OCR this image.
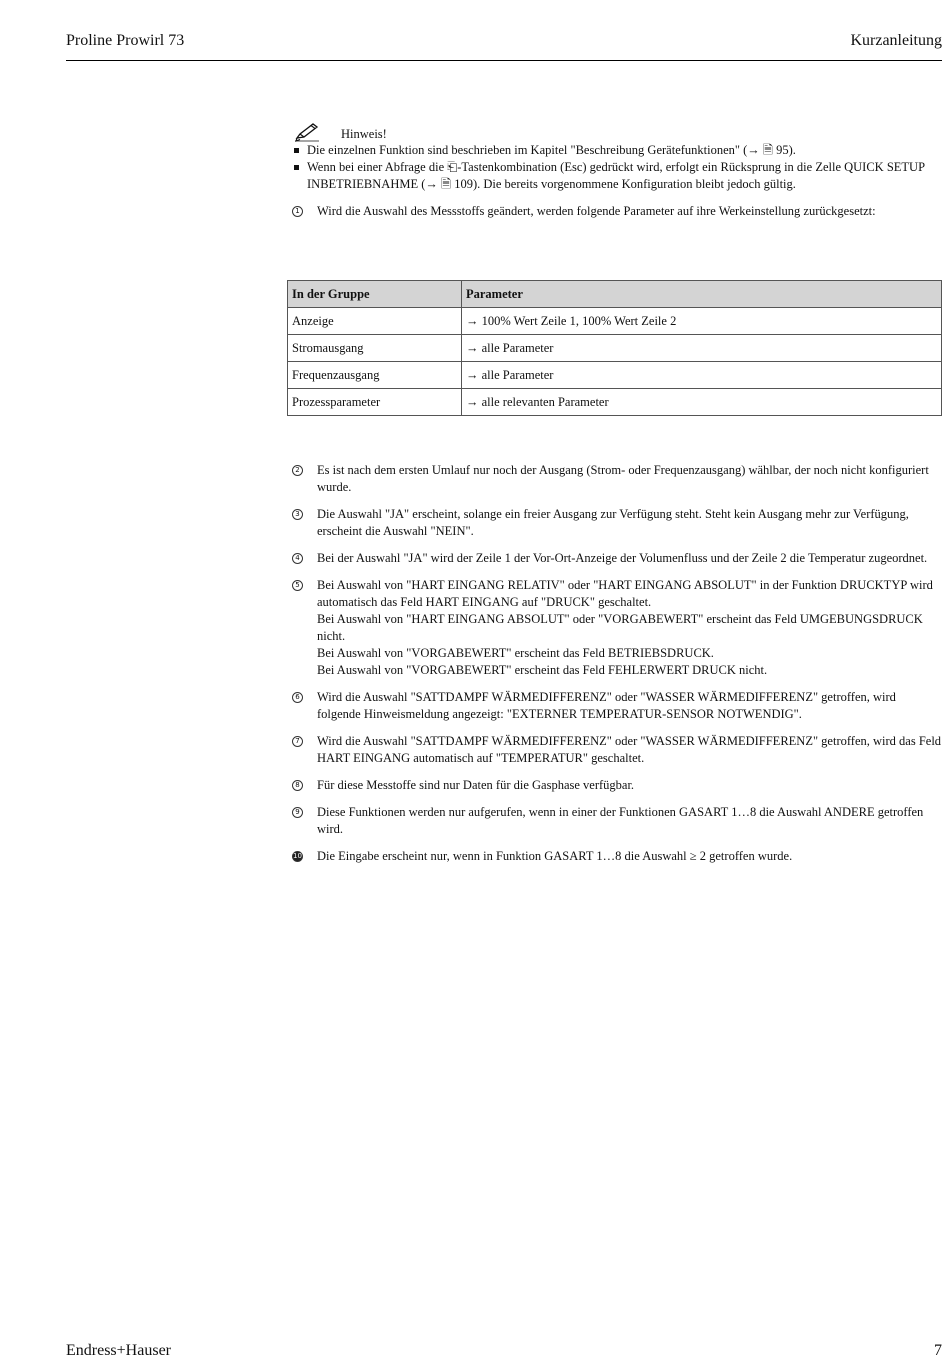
Proline Prowirl 73	Kurzanleitung
Hinweis!
Die einzelnen Funktion sind beschrieben im Kapitel "Beschreibung Gerätefunktionen" (→ 🗎 95).
Wenn bei einer Abfrage die ⎗-Tastenkombination (Esc) gedrückt wird, erfolgt ein Rücksprung in die Zelle QUICK SETUP INBETRIEBNAHME (→ 🗎 109). Die bereits vorgenommene Konfiguration bleibt jedoch gültig.
1 Wird die Auswahl des Messstoffs geändert, werden folgende Parameter auf ihre Werkeinstellung zurückgesetzt:
In der Gruppe	Parameter
Anzeige	→ 100% Wert Zeile 1, 100% Wert Zeile 2
Stromausgang	→ alle Parameter
Frequenzausgang	→ alle Parameter
Prozessparameter	→ alle relevanten Parameter
2 Es ist nach dem ersten Umlauf nur noch der Ausgang (Strom- oder Frequenzausgang) wählbar, der noch nicht konfiguriert wurde.
3 Die Auswahl "JA" erscheint, solange ein freier Ausgang zur Verfügung steht. Steht kein Ausgang mehr zur Verfügung, erscheint die Auswahl "NEIN".
4 Bei der Auswahl "JA" wird der Zeile 1 der Vor-Ort-Anzeige der Volumenfluss und der Zeile 2 die Temperatur zugeordnet.
5 Bei Auswahl von "HART EINGANG RELATIV" oder "HART EINGANG ABSOLUT" in der Funktion DRUCKTYP wird automatisch das Feld HART EINGANG auf "DRUCK" geschaltet.
Bei Auswahl von "HART EINGANG ABSOLUT" oder "VORGABEWERT" erscheint das Feld UMGEBUNGSDRUCK nicht.
Bei Auswahl von "VORGABEWERT" erscheint das Feld BETRIEBSDRUCK.
Bei Auswahl von "VORGABEWERT" erscheint das Feld FEHLERWERT DRUCK nicht.
6 Wird die Auswahl "SATTDAMPF WÄRMEDIFFERENZ" oder "WASSER WÄRMEDIFFERENZ" getroffen, wird folgende Hinweismeldung angezeigt: "EXTERNER TEMPERATUR-SENSOR NOTWENDIG".
7 Wird die Auswahl "SATTDAMPF WÄRMEDIFFERENZ" oder "WASSER WÄRMEDIFFERENZ" getroffen, wird das Feld HART EINGANG automatisch auf "TEMPERATUR" geschaltet.
8 Für diese Messtoffe sind nur Daten für die Gasphase verfügbar.
9 Diese Funktionen werden nur aufgerufen, wenn in einer der Funktionen GASART 1…8 die Auswahl ANDERE getroffen wird.
10 Die Eingabe erscheint nur, wenn in Funktion GASART 1…8 die Auswahl ≥ 2 getroffen wurde.
Endress+Hauser	7
